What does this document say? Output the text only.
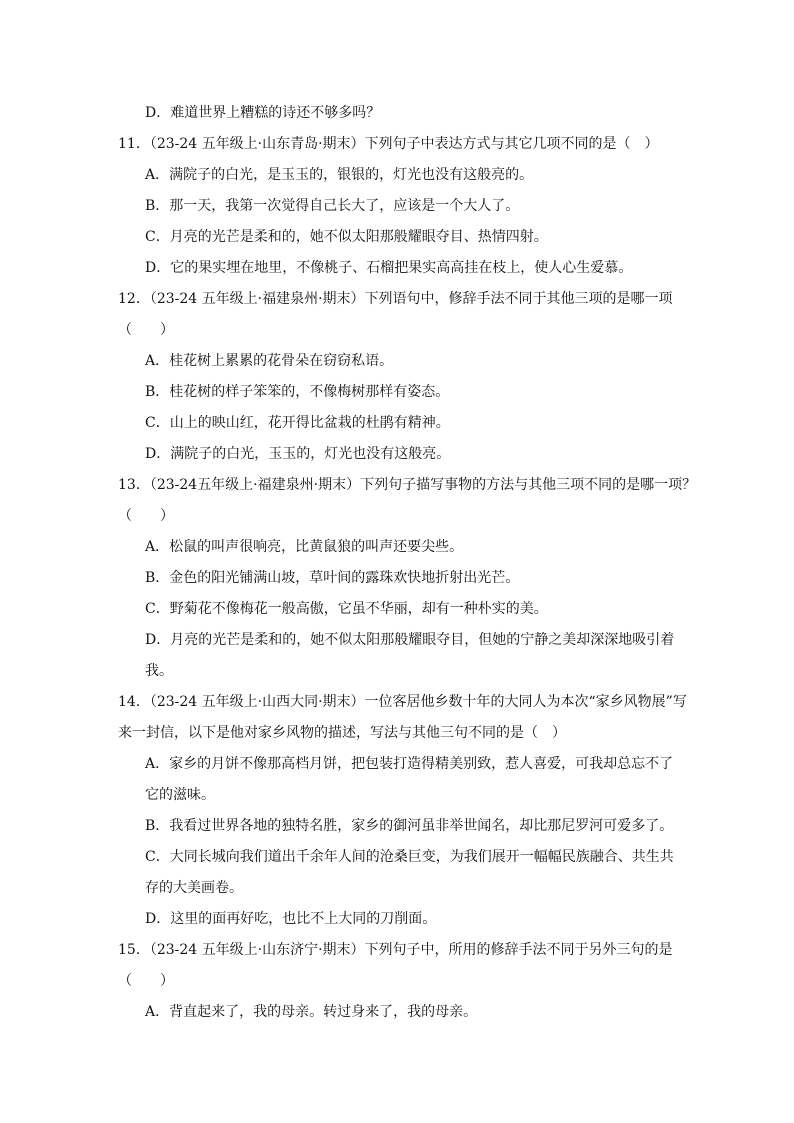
D．难道世界上糟糕的诗还不够多吗？
11．（23-24 五年级上·山东青岛·期末）下列句子中表达方式与其它几项不同的是（　）
A．满院子的白光，是玉玉的，银银的，灯光也没有这般亮的。
B．那一天，我第一次觉得自己长大了，应该是一个大人了。
C．月亮的光芒是柔和的，她不似太阳那般耀眼夺目、热情四射。
D．它的果实埋在地里，不像桃子、石榴把果实高高挂在枝上，使人心生爱慕。
12．（23-24 五年级上·福建泉州·期末）下列语句中，修辞手法不同于其他三项的是哪一项
（　　）
A．桂花树上累累的花骨朵在窃窃私语。
B．桂花树的样子笨笨的，不像梅树那样有姿态。
C．山上的映山红，花开得比盆栽的杜鹃有精神。
D．满院子的白光，玉玉的，灯光也没有这般亮。
13．（23-24五年级上·福建泉州·期末）下列句子描写事物的方法与其他三项不同的是哪一项？
（　　）
A．松鼠的叫声很响亮，比黄鼠狼的叫声还要尖些。
B．金色的阳光铺满山坡，草叶间的露珠欢快地折射出光芒。
C．野菊花不像梅花一般高傲，它虽不华丽，却有一种朴实的美。
D．月亮的光芒是柔和的，她不似太阳那般耀眼夺目，但她的宁静之美却深深地吸引着
我。
14．（23-24 五年级上·山西大同·期末）一位客居他乡数十年的大同人为本次“家乡风物展”写
来一封信，以下是他对家乡风物的描述，写法与其他三句不同的是（　）
A．家乡的月饼不像那高档月饼，把包装打造得精美别致，惹人喜爱，可我却总忘不了
它的滋味。
B．我看过世界各地的独特名胜，家乡的御河虽非举世闻名，却比那尼罗河可爱多了。
C．大同长城向我们道出千余年人间的沧桑巨变，为我们展开一幅幅民族融合、共生共
存的大美画卷。
D．这里的面再好吃，也比不上大同的刀削面。
15．（23-24 五年级上·山东济宁·期末）下列句子中，所用的修辞手法不同于另外三句的是
（　　）
A．背直起来了，我的母亲。转过身来了，我的母亲。
